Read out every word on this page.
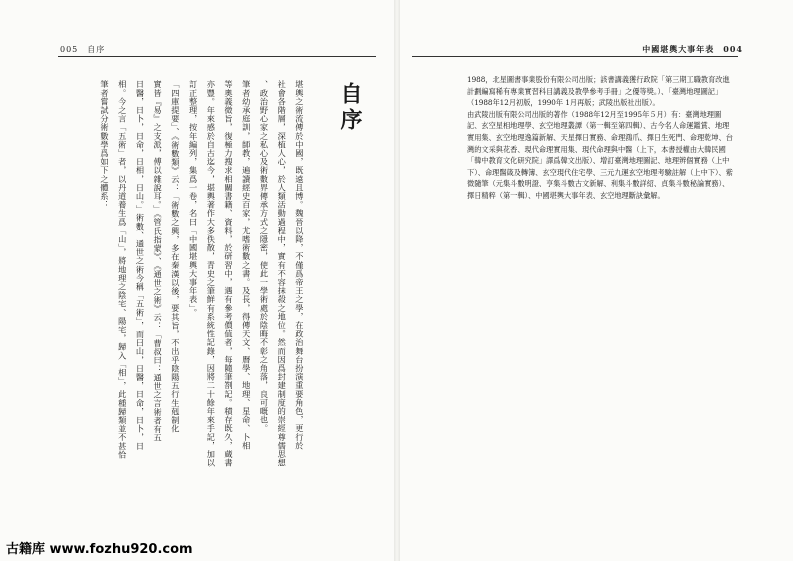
005　自序	中國堪輿大事年表　004
自序
堪輿之術流傳於中國，既遠且博。魏晉以降，不僅爲帝王之學，在政治舞台扮演重要角色，更行於
社會各階層，深植人心，於人類活動過程中，實有不容抹殺之地位。然而因爲封建制度的崇經尊儒思想
、政治野心家之私心及術數界傳承方式之隱密，使此一學術處於陰晦不彰之角落，良可嘅也。
筆者幼承庭訓，師教，遍讀經史百家，尤嗜術數之書。及長，得傳天文、曆學、地理、星命、卜相
等奧義微旨，復極力搜求相關書籍、資料，於研習中，遇有參考價值者，每隨筆劄記。積存既久，蔵書
亦豐。年來感於自古迄今，堪輿著作大多佚散，青史之筆鮮有系統性記錄，因將二十餘年來手記，加以
訂正整理，按年編列，集爲一卷，名曰「中國堪輿大事年表」。
「四庫提要」、《術數類》云：「術數之興，多在秦漢以後，要其旨，不出乎陰陽五行生剋制化
實皆『易』之支派，傅以雜說耳。」《管氏指蒙》、《通世之術》云：「曹叔曰：通世之言術者有五
日醫，日卜，日命，日相，日山。」術數、通世之術今稱「五術」，而曰山，日醫，日命，日卜，日
相。今之言「五術」者，以丹道養生爲「山」，將地理之陰宅、陽宅，歸入「相」，此種歸類並不甚恰
筆者嘗試分術數學爲如下之體系：

1988，北星圖書事業股份有限公司出版；該書講義獲行政院「第三期工職教育改進計劃編寫稀有專業實習科目講義及教學參考手冊」之優等獎。）、「臺灣地理圖記」（1988年12月初版，1990年 1月再版；武陵出版社出版）。

由武陵出版有限公司出版的著作（1988年12月至1995年５月）有：臺灣地理圖記、玄空星相地理學、玄空地理叢譚（第一輯至第四輯）、古今名人命運鑑賞、地理實用集、玄空地理逸篇新解、天星擇日實務、命理鴻爪、擇日生死門、命理乾坤、台灣的文采與花香、現代命理實用集、現代命理與中醫（上下，本書授權由大韓民國「韓中教育文化研究院」譯爲韓文出版）、增訂臺灣地理圖記、地理辨個實務（上中下）、命理醫箴及轉簿、玄空現代住宅學、三元九運玄空地理考驗註解（上中下）、紫微隨筆（元集斗數明證、亨集斗數古文新解、利集斗數詳紹、貞集斗數秘論實務）、擇日精粹（第一輯）、中國堪輿大事年表、玄空地理斷訣彙解。

古籍库 www.fozhu920.com
